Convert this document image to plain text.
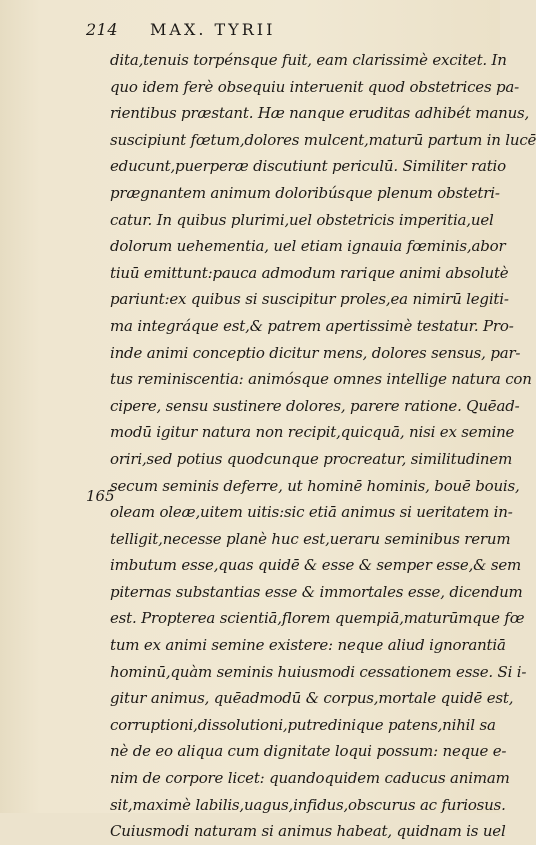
214 MAX. TYRII
165
dita,tenuis torpénsque fuit, eam clarissimè excitet. In
quo idem ferè obsequiu interuenit quod obstetrices pa-
rientibus præstant. Hæ nanque eruditas adhibét manus,
suscipiunt fœtum,dolores mulcent,maturū partum in lucē
educunt,puerperæ discutiunt periculū. Similiter ratio
prægnantem animum doloribúsque plenum obstetri-
catur. In quibus plurimi,uel obstetricis imperitia,uel
dolorum uehementia, uel etiam ignauia fœminis,abor
tiuū emittunt:pauca admodum rarique animi absolutè
pariunt:ex quibus si suscipitur proles,ea nimirū legiti-
ma integráque est,& patrem apertissimè testatur. Pro-
inde animi conceptio dicitur mens, dolores sensus, par-
tus reminiscentia: animósque omnes intellige natura con
cipere, sensu sustinere dolores, parere ratione. Quēad-
modū igitur natura non recipit,quicquā, nisi ex semine
oriri,sed potius quodcunque procreatur, similitudinem
secum seminis deferre, ut hominē hominis, bouē bouis,
oleam oleæ,uitem uitis:sic etiā animus si ueritatem in-
telligit,necesse planè huc est,ueraru seminibus rerum
imbutum esse,quas quidē & esse & semper esse,& sem
piternas substantias esse & immortales esse, dicendum
est. Propterea scientiā,florem quempiā,maturūmque fœ
tum ex animi semine existere: neque aliud ignorantiā
hominū,quàm seminis huiusmodi cessationem esse. Si i-
gitur animus, quēadmodū & corpus,mortale quidē est,
corruptioni,dissolutioni,putredinique patens,nihil sa
nè de eo aliqua cum dignitate loqui possum: neque e-
nim de corpore licet: quandoquidem caducus animam
sit,maximè labilis,uagus,infidus,obscurus ac furiosus.
Cuiusmodi naturam si animus habeat, quidnam is uel
